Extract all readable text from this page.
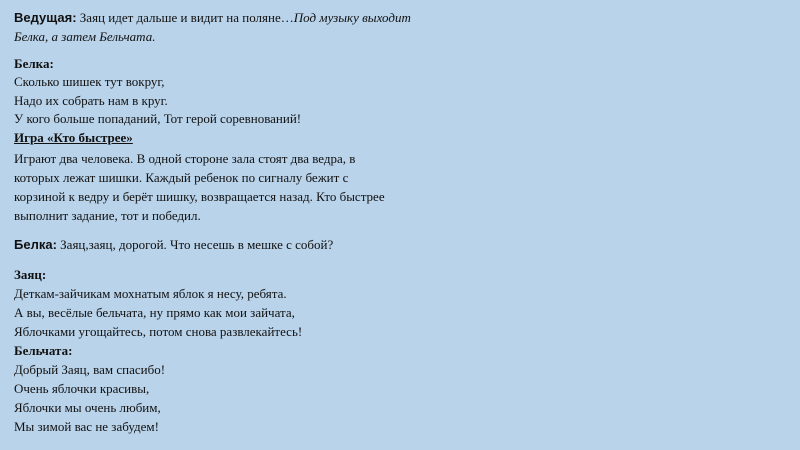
Ведущая: Заяц идет дальше и видит на поляне…Под музыку выходит
Белка, а затем Бельчата.
Белка:
Сколько шишек тут вокруг,
Надо их собрать нам в круг.
У кого больше попаданий, Тот герой соревнований!
Игра «Кто быстрее»
Играют два человека. В одной стороне зала стоят два ведра, в
которых лежат шишки. Каждый ребенок по сигналу бежит с
корзиной к ведру и берёт шишку, возвращается назад. Кто быстрее
выполнит задание, тот и победил.
Белка: Заяц,заяц, дорогой. Что несешь в мешке с собой?
Заяц:
Деткам-зайчикам мохнатым яблок я несу, ребята.
А вы, весёлые бельчата, ну прямо как мои зайчата,
Яблочками угощайтесь, потом снова развлекайтесь!
Бельчата:
Добрый Заяц, вам спасибо!
Очень яблочки красивы,
Яблочки мы очень любим,
Мы зимой вас не забудем!
